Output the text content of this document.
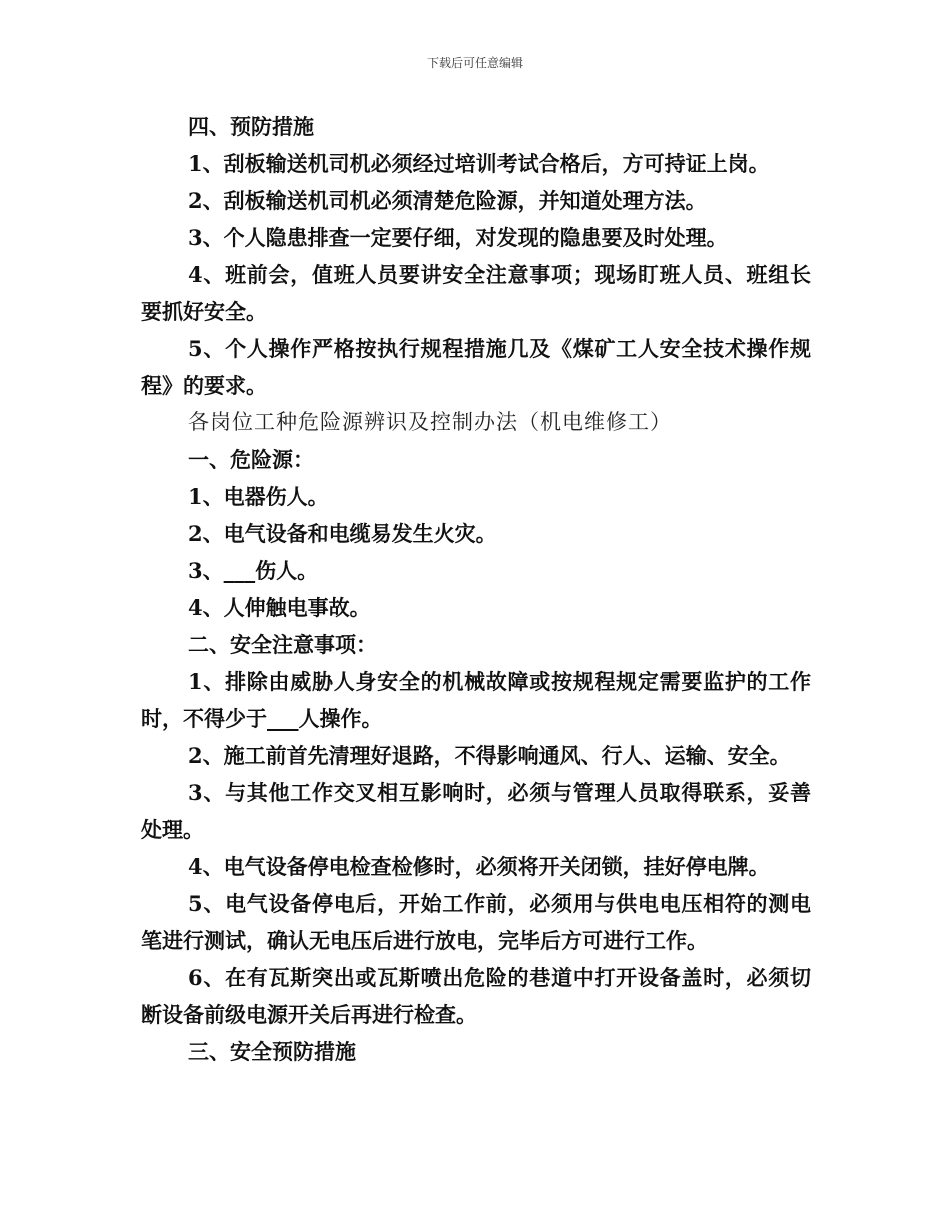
下载后可任意编辑

四、预防措施

1、刮板输送机司机必须经过培训考试合格后，方可持证上岗。

2、刮板输送机司机必须清楚危险源，并知道处理方法。

3、个人隐患排查一定要仔细，对发现的隐患要及时处理。

4、班前会，值班人员要讲安全注意事项；现场盯班人员、班组长要抓好安全。

5、个人操作严格按执行规程措施几及《煤矿工人安全技术操作规程》的要求。

各岗位工种危险源辨识及控制办法（机电维修工）

一、危险源：

1、电器伤人。

2、电气设备和电缆易发生火灾。

3、___伤人。

4、人伸触电事故。

二、安全注意事项：

1、排除由威胁人身安全的机械故障或按规程规定需要监护的工作时，不得少于___人操作。

2、施工前首先清理好退路，不得影响通风、行人、运输、安全。

3、与其他工作交叉相互影响时，必须与管理人员取得联系，妥善处理。

4、电气设备停电检查检修时，必须将开关闭锁，挂好停电牌。

5、电气设备停电后，开始工作前，必须用与供电电压相符的测电笔进行测试，确认无电压后进行放电，完毕后方可进行工作。

6、在有瓦斯突出或瓦斯喷出危险的巷道中打开设备盖时，必须切断设备前级电源开关后再进行检查。

三、安全预防措施
